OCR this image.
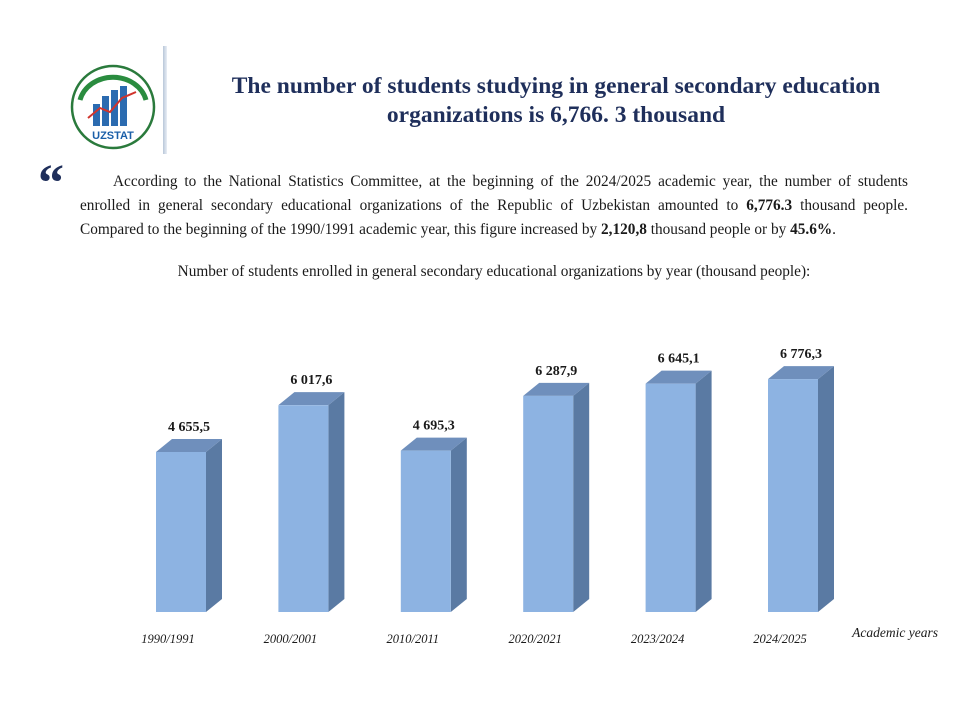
UZSTAT
The number of students studying in general secondary education organizations is 6,766. 3 thousand
“	According to the National Statistics Committee, at the beginning of the 2024/2025 academic year, the number of students enrolled in general secondary educational organizations of the Republic of Uzbekistan amounted to 6,776.3 thousand people. Compared to the beginning of the 1990/1991 academic year, this figure increased by 2,120,8 thousand people or by 45.6%.

Number of students enrolled in general secondary educational organizations by year (thousand people):
4 655,5
1990/1991
6 017,6
2000/2001
4 695,3
2010/2011
6 287,9
2020/2021
6 645,1
2023/2024
6 776,3
2024/2025	Academic years
